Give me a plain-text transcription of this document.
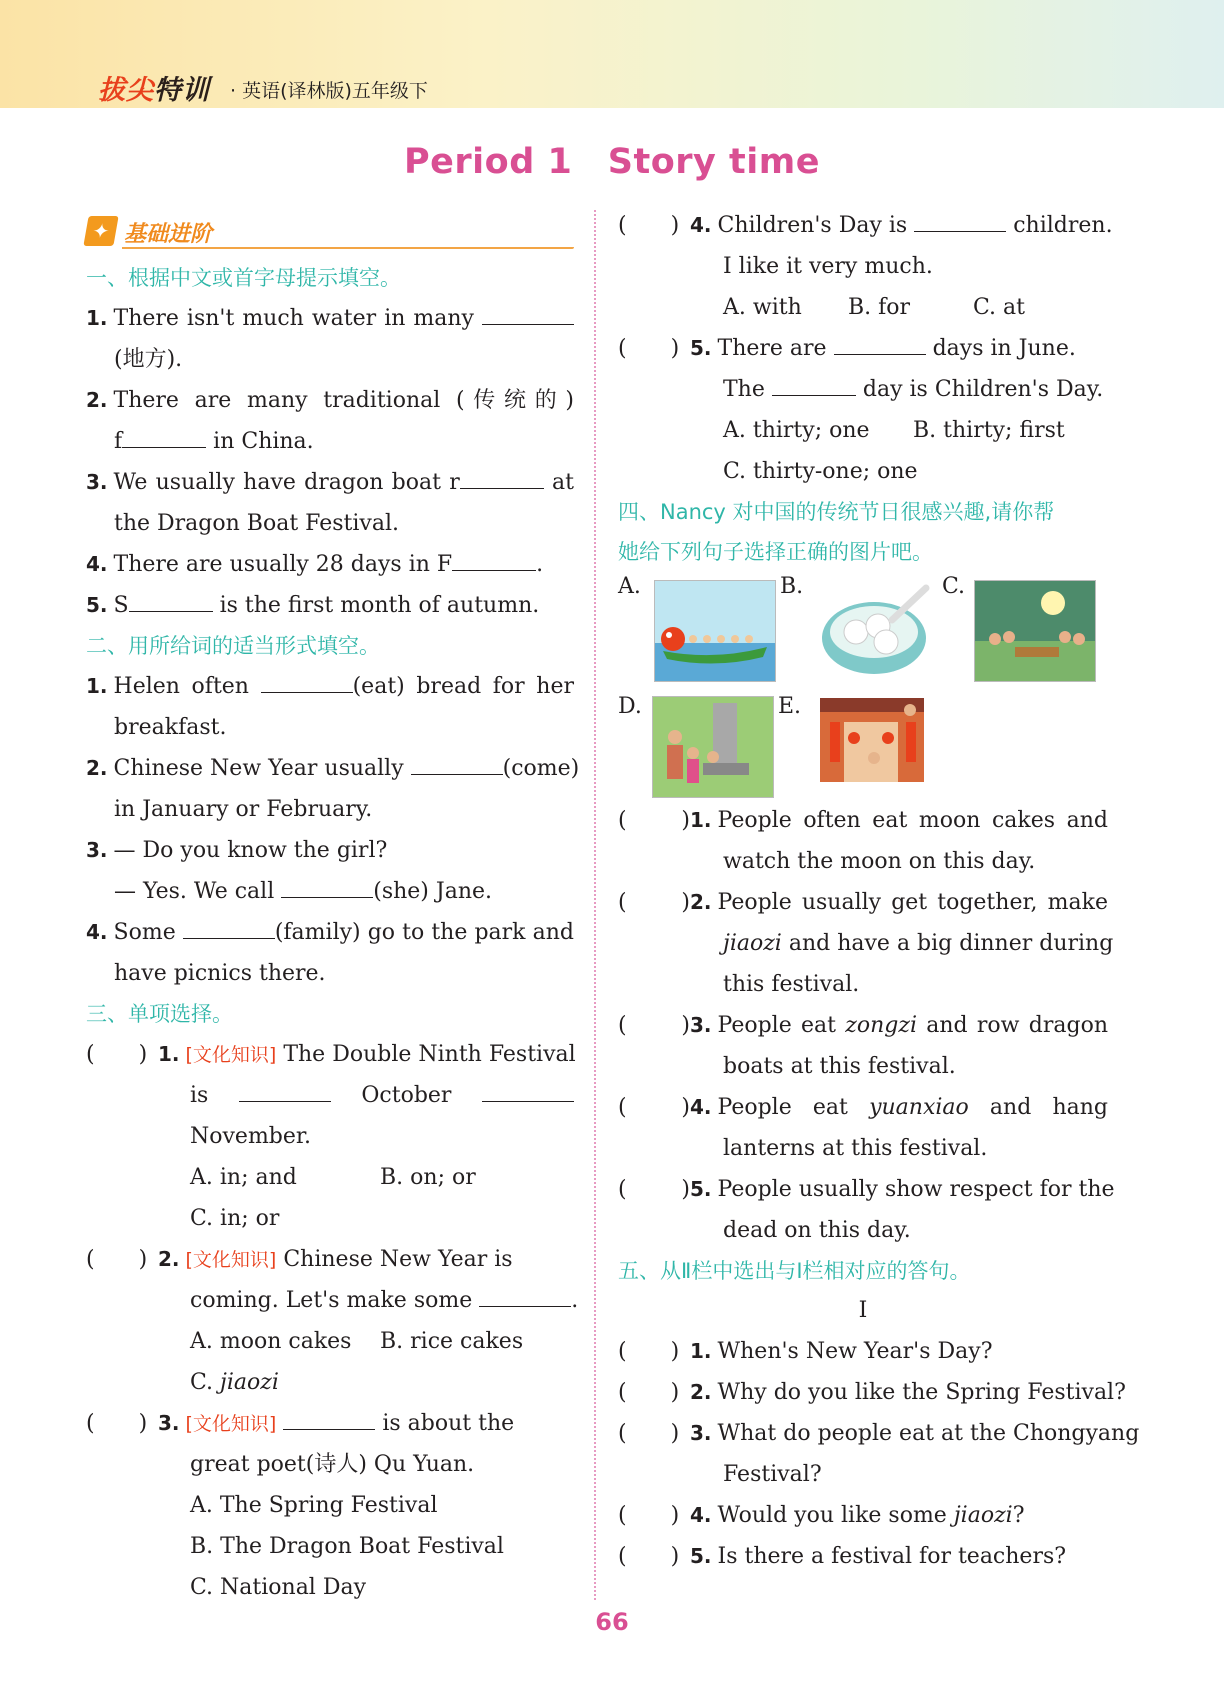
拔尖特训 · 英语(译林版)五年级下
Period 1　Story time
✦ 基础进阶
一、根据中文或首字母提示填空。
1. There isn't much water in many
(地方).
2. There are many traditional (传统的)
f	in China.
3. We usually have dragon boat r	at
the Dragon Boat Festival.
4. There are usually 28 days in F	.
5. S	is the first month of autumn.
二、用所给词的适当形式填空。
1. Helen often	(eat) bread for her
breakfast.
2. Chinese New Year usually	(come)
in January or February.
3. — Do you know the girl?
— Yes. We call	(she) Jane.
4. Some	(family) go to the park and
have picnics there.
三、单项选择。
(　　) 1. [文化知识] The Double Ninth Festival
is	October
November.
A. in; and	B. on; or
C. in; or
(　　) 2. [文化知识] Chinese New Year is
coming. Let's make some	.
A. moon cakes B. rice cakes
C. jiaozi
(　　) 3. [文化知识]	is about the
great poet(诗人) Qu Yuan.
A. The Spring Festival
B. The Dragon Boat Festival
C. National Day
(　　) 4. Children's Day is	children.
I like it very much.
A. with B. for	C. at
(　　) 5. There are	days in June.
The	day is Children's Day.
A. thirty; one B. thirty; first
C. thirty-one; one
四、Nancy 对中国的传统节日很感兴趣,请你帮
她给下列句子选择正确的图片吧。
A.	B.	C.
D.	E.
(　　)1. People often eat moon cakes and
watch the moon on this day.
(　　)2. People usually get together, make
jiaozi and have a big dinner during
this festival.
(　　)3. People eat zongzi and row dragon
boats at this festival.
(　　)4. People eat yuanxiao and hang
lanterns at this festival.
(　　)5. People usually show respect for the
dead on this day.
五、从Ⅱ栏中选出与Ⅰ栏相对应的答句。
Ⅰ
(　　) 1. When's New Year's Day?
(　　) 2. Why do you like the Spring Festival?
(　　) 3. What do people eat at the Chongyang
Festival?
(　　) 4. Would you like some jiaozi?
(　　) 5. Is there a festival for teachers?
66
